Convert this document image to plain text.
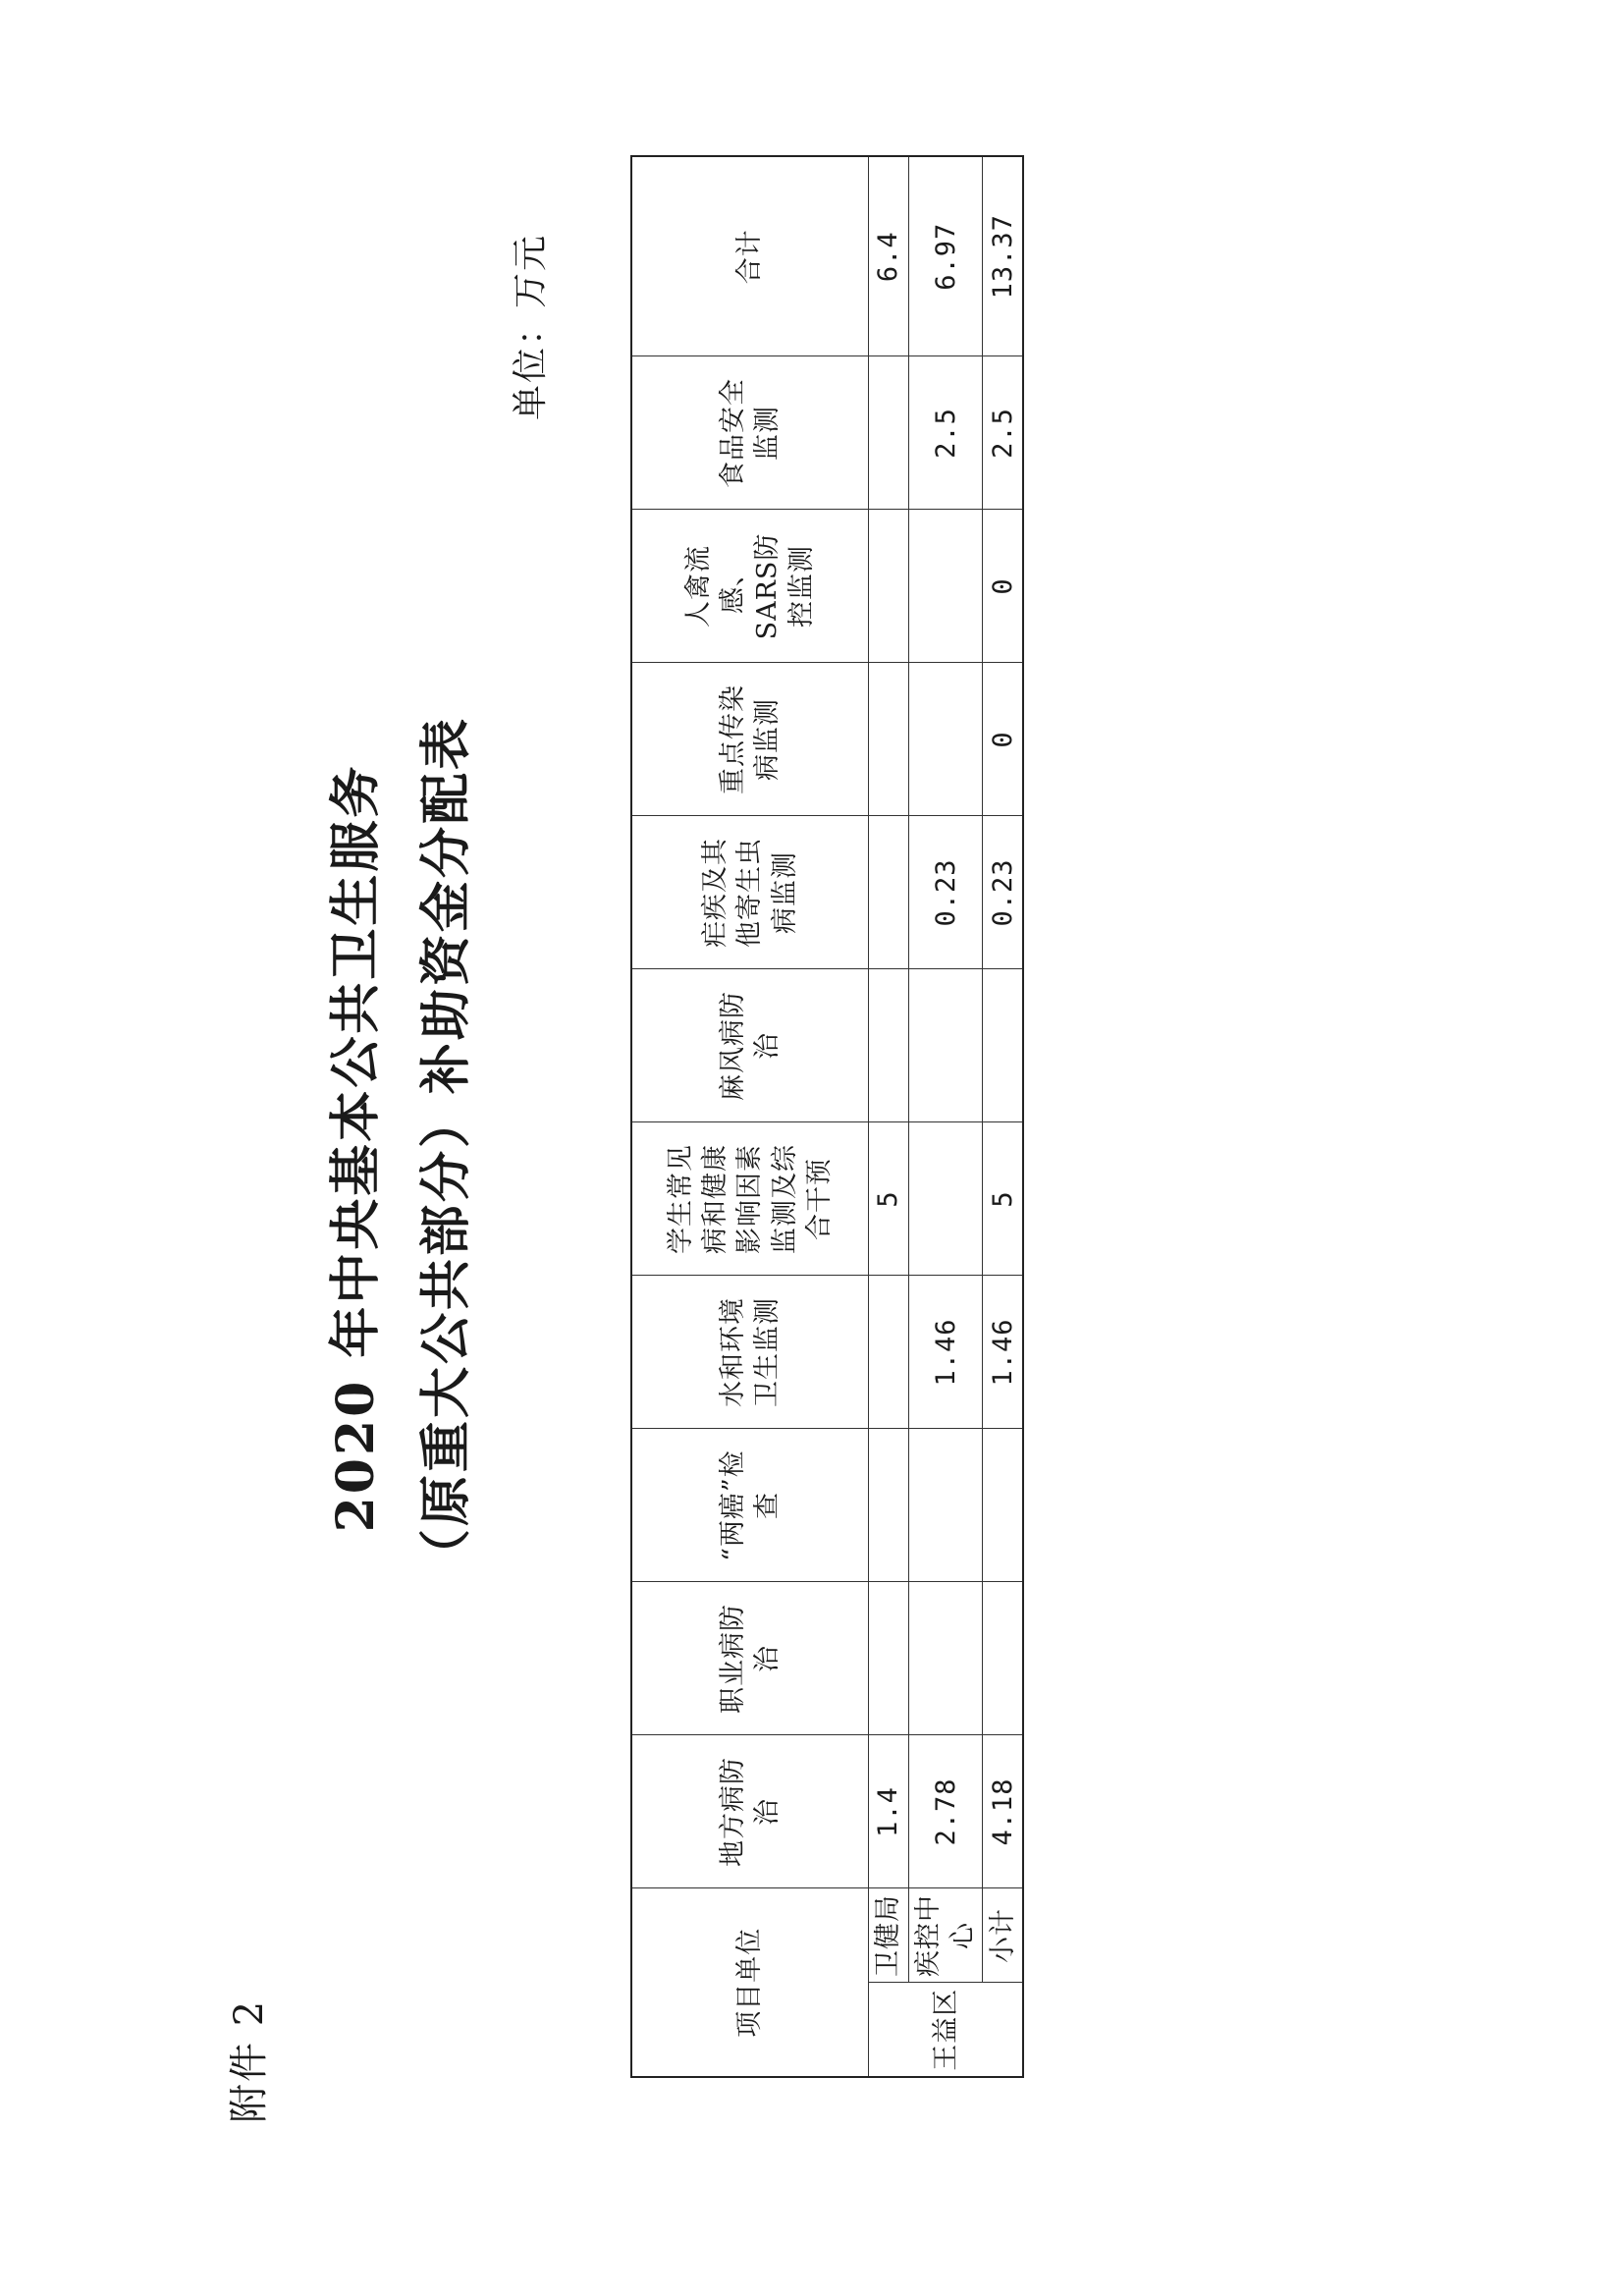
附件 2
2020 年中央基本公共卫生服务 （原重大公共部分）补助资金分配表
单位：万元
项目单位		地方病防治	职业病防治	“两癌”检查	水和环境卫生监测	学生常见病和健康影响因素监测及综合干预	麻风病防治	疟疾及其他寄生虫病监测	重点传染病监测	人禽流感、SARS防控监测	食品安全监测	合计
王益区	卫健局	1.4				5						6.4
	疾控中心	2.78			1.46			0.23			2.5	6.97
	小计	4.18			1.46	5		0.23	0	0	2.5	13.37
